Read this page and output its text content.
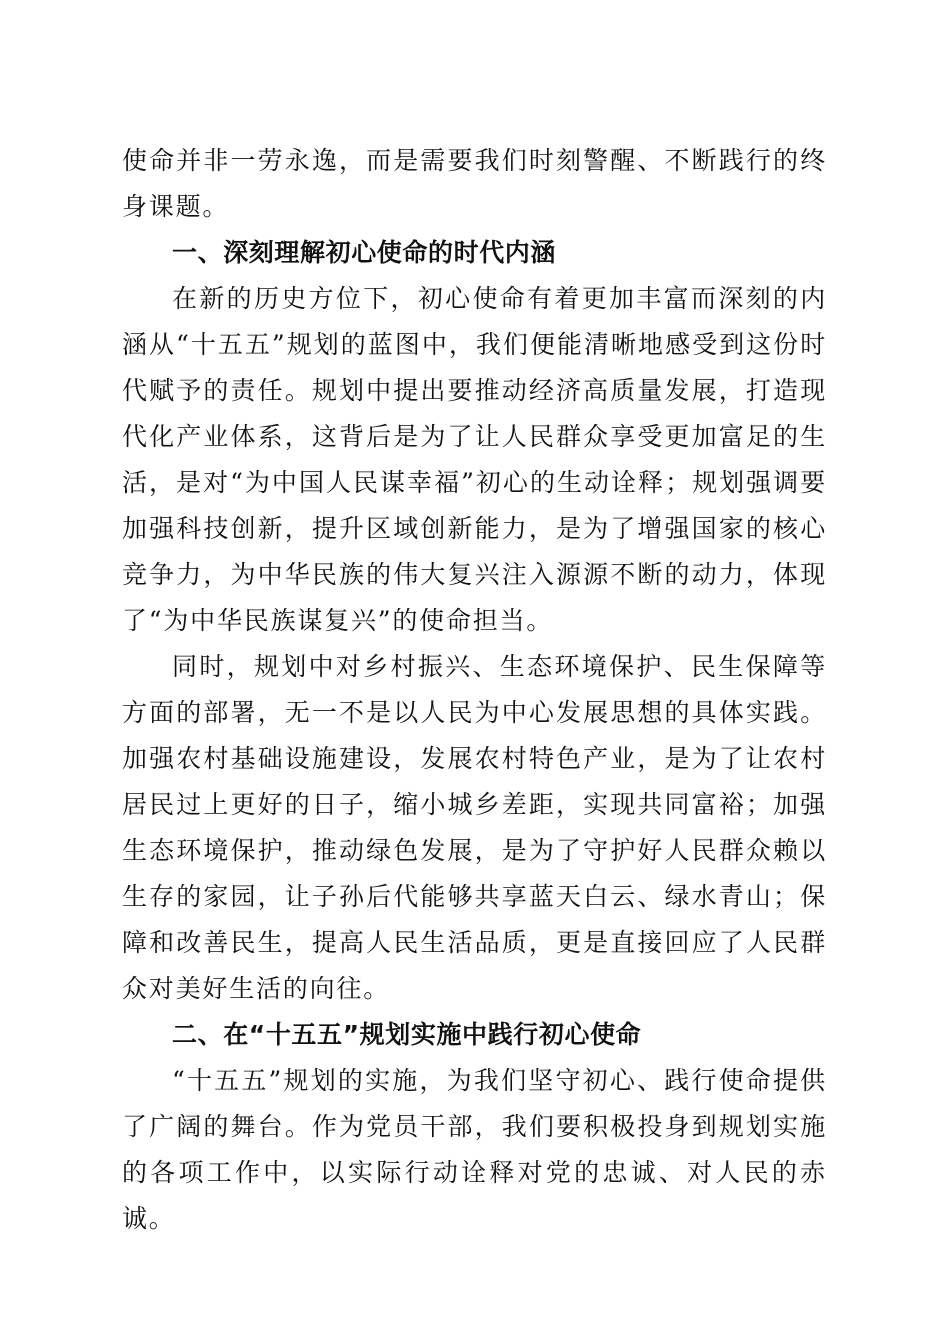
使命并非一劳永逸，而是需要我们时刻警醒、不断践行的终身课题。

一、深刻理解初心使命的时代内涵

在新的历史方位下，初心使命有着更加丰富而深刻的内涵从“十五五”规划的蓝图中，我们便能清晰地感受到这份时代赋予的责任。规划中提出要推动经济高质量发展，打造现代化产业体系，这背后是为了让人民群众享受更加富足的生活，是对“为中国人民谋幸福”初心的生动诠释；规划强调要加强科技创新，提升区域创新能力，是为了增强国家的核心竞争力，为中华民族的伟大复兴注入源源不断的动力，体现了“为中华民族谋复兴”的使命担当。

同时，规划中对乡村振兴、生态环境保护、民生保障等方面的部署，无一不是以人民为中心发展思想的具体实践。加强农村基础设施建设，发展农村特色产业，是为了让农村居民过上更好的日子，缩小城乡差距，实现共同富裕；加强生态环境保护，推动绿色发展，是为了守护好人民群众赖以生存的家园，让子孙后代能够共享蓝天白云、绿水青山；保障和改善民生，提高人民生活品质，更是直接回应了人民群众对美好生活的向往。

二、在“十五五”规划实施中践行初心使命

“十五五”规划的实施，为我们坚守初心、践行使命提供了广阔的舞台。作为党员干部，我们要积极投身到规划实施的各项工作中，以实际行动诠释对党的忠诚、对人民的赤诚。
